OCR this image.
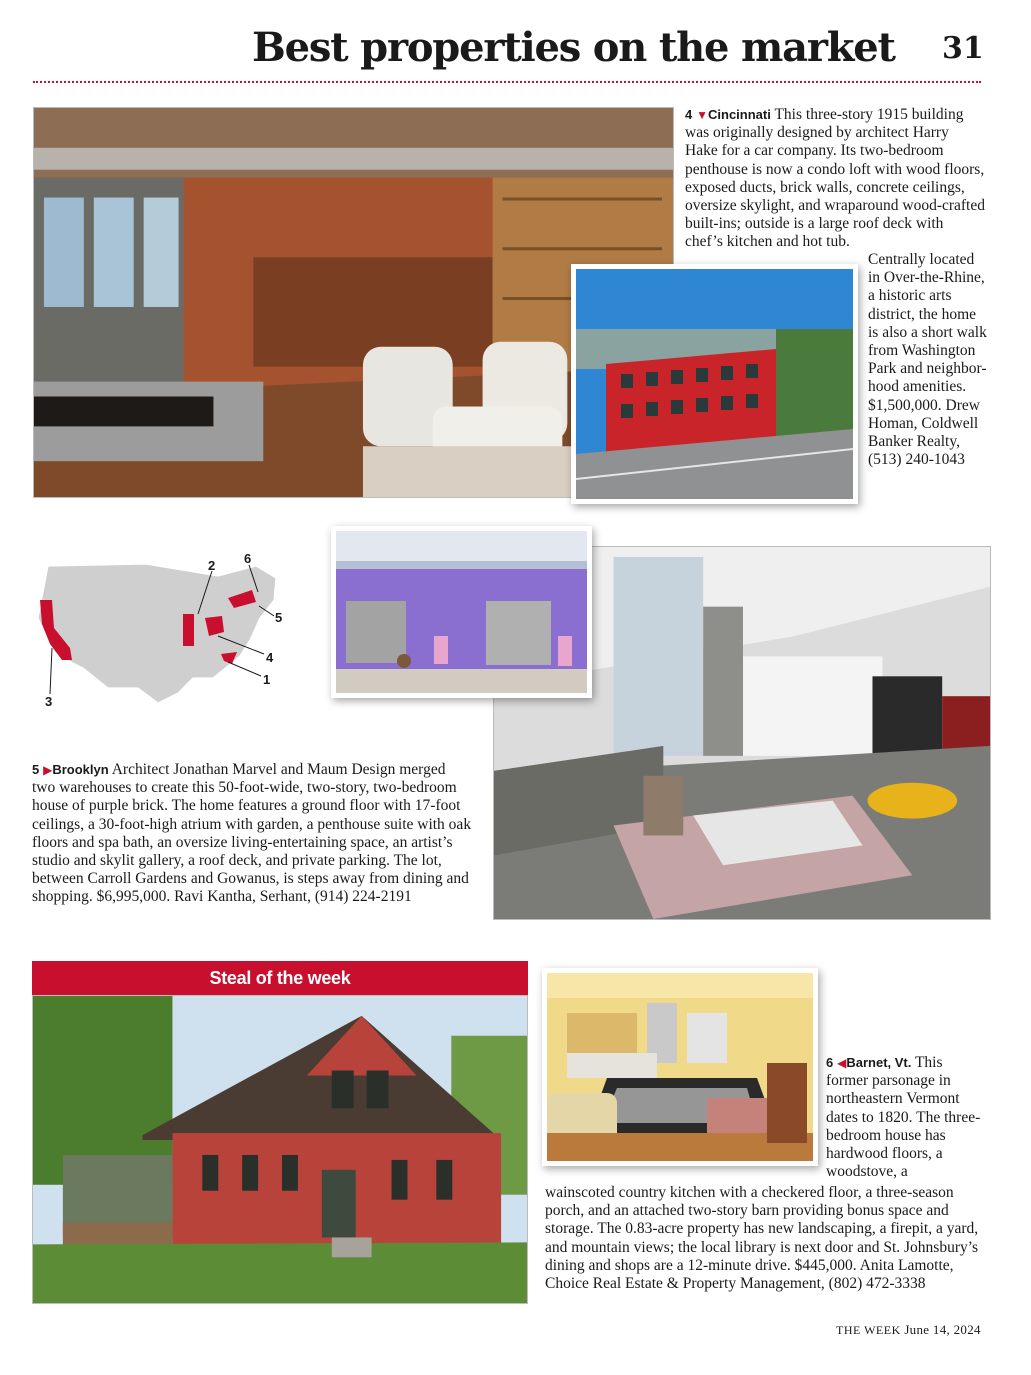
Best properties on the market 31
4 ▼Cincinnati This three-story 1915 building was originally designed by architect Harry Hake for a car company. Its two-bedroom penthouse is now a condo loft with wood floors, exposed ducts, brick walls, concrete ceilings, oversize skylight, and wraparound wood-crafted built-ins; outside is a large roof deck with chef’s kitchen and hot tub.
Centrally located in Over-the-Rhine, a historic arts district, the home is also a short walk from Washington Park and neighbor-hood amenities. $1,500,000. Drew Homan, Coldwell Banker Realty, (513) 240-1043
1
2
3
4
5
6
5 ▶Brooklyn Architect Jonathan Marvel and Maum Design merged two warehouses to create this 50-foot-wide, two-story, two-bedroom house of purple brick. The home features a ground floor with 17-foot ceilings, a 30-foot-high atrium with garden, a penthouse suite with oak floors and spa bath, an oversize living-entertaining space, an artist’s studio and skylit gallery, a roof deck, and private parking. The lot, between Carroll Gardens and Gowanus, is steps away from dining and shopping. $6,995,000. Ravi Kantha, Serhant, (914) 224-2191
Steal of the week
6 ◀Barnet, Vt. This former parsonage in northeastern Vermont dates to 1820. The three-bedroom house has hardwood floors, a woodstove, a
wainscoted country kitchen with a checkered floor, a three-season porch, and an attached two-story barn providing bonus space and storage. The 0.83-acre property has new landscaping, a firepit, a yard, and mountain views; the local library is next door and St. Johnsbury’s dining and shops are a 12-minute drive. $445,000. Anita Lamotte, Choice Real Estate & Property Management, (802) 472-3338
THE WEEK June 14, 2024
